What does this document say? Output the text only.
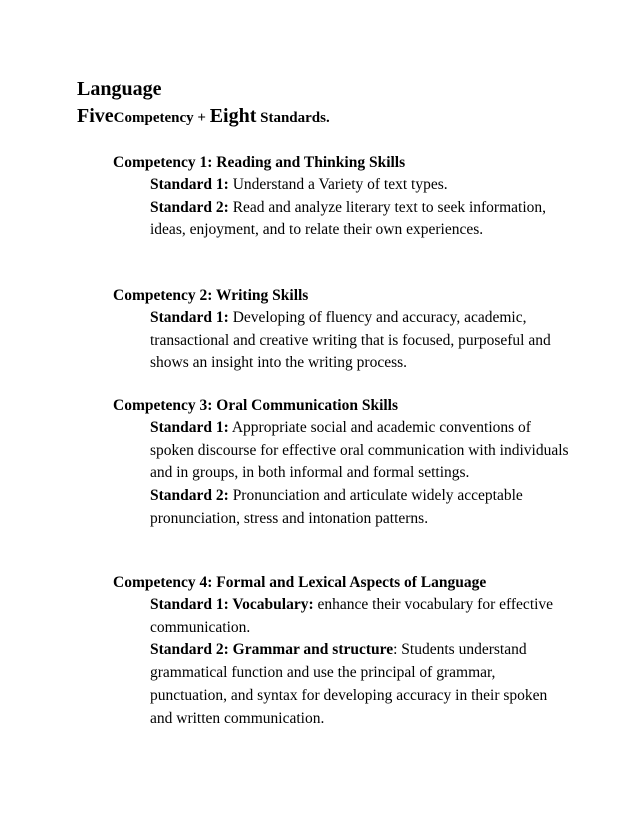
Language
FiveCompetency + Eight Standards.
Competency 1: Reading and Thinking Skills
Standard 1: Understand a Variety of text types.
Standard 2: Read and analyze literary text to seek information, ideas, enjoyment, and to relate their own experiences.
Competency 2: Writing Skills
Standard 1: Developing of fluency and accuracy, academic, transactional and creative writing that is focused, purposeful and shows an insight into the writing process.
Competency 3: Oral Communication Skills
Standard 1: Appropriate social and academic conventions of spoken discourse for effective oral communication with individuals and in groups, in both informal and formal settings.
Standard 2: Pronunciation and articulate widely acceptable pronunciation, stress and intonation patterns.
Competency 4: Formal and Lexical Aspects of Language
Standard 1: Vocabulary: enhance their vocabulary for effective communication.
Standard 2: Grammar and structure: Students understand grammatical function and use the principal of grammar, punctuation, and syntax for developing accuracy in their spoken and written communication.
